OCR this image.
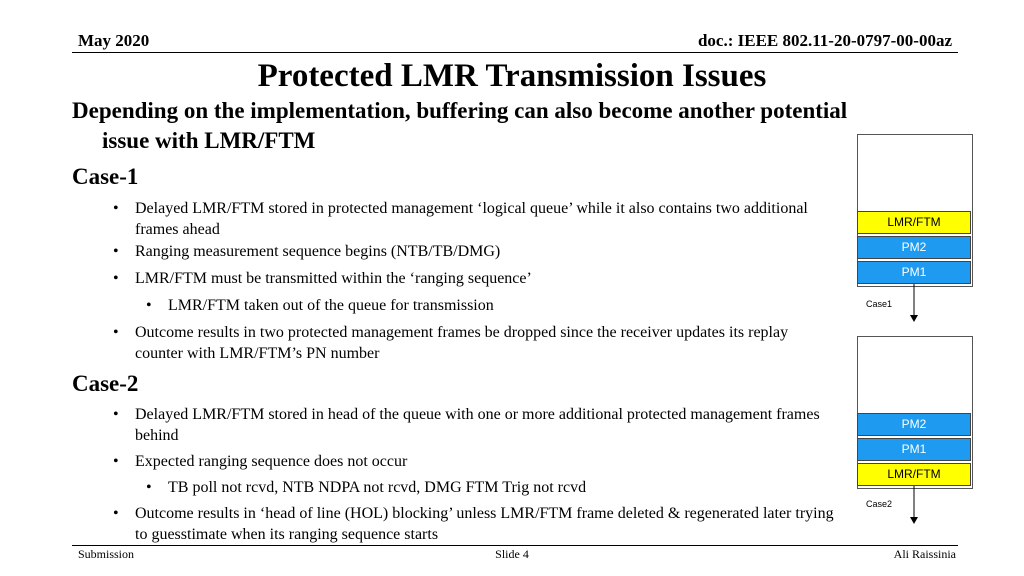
May 2020	doc.: IEEE 802.11-20-0797-00-00az
Protected LMR Transmission Issues
Depending on the implementation, buffering can also become another potential issue with LMR/FTM
Case-1
• Delayed LMR/FTM stored in protected management ‘logical queue’ while it also contains two additional frames ahead
• Ranging measurement sequence begins (NTB/TB/DMG)
• LMR/FTM must be transmitted within the ‘ranging sequence’
• LMR/FTM taken out of the queue for transmission
• Outcome results in two protected management frames be dropped since the receiver updates its replay counter with LMR/FTM’s PN number
Case-2
• Delayed LMR/FTM stored in head of the queue with one or more additional protected management frames behind
• Expected ranging sequence does not occur
• TB poll not rcvd, NTB NDPA not rcvd, DMG FTM Trig not rcvd
• Outcome results in ‘head of line (HOL) blocking’ unless LMR/FTM frame deleted & regenerated later trying to guesstimate when its ranging sequence starts
LMR/FTM
PM2
PM1
Case1
PM2
PM1
LMR/FTM
Case2
Submission	Slide 4	Ali Raissinia
